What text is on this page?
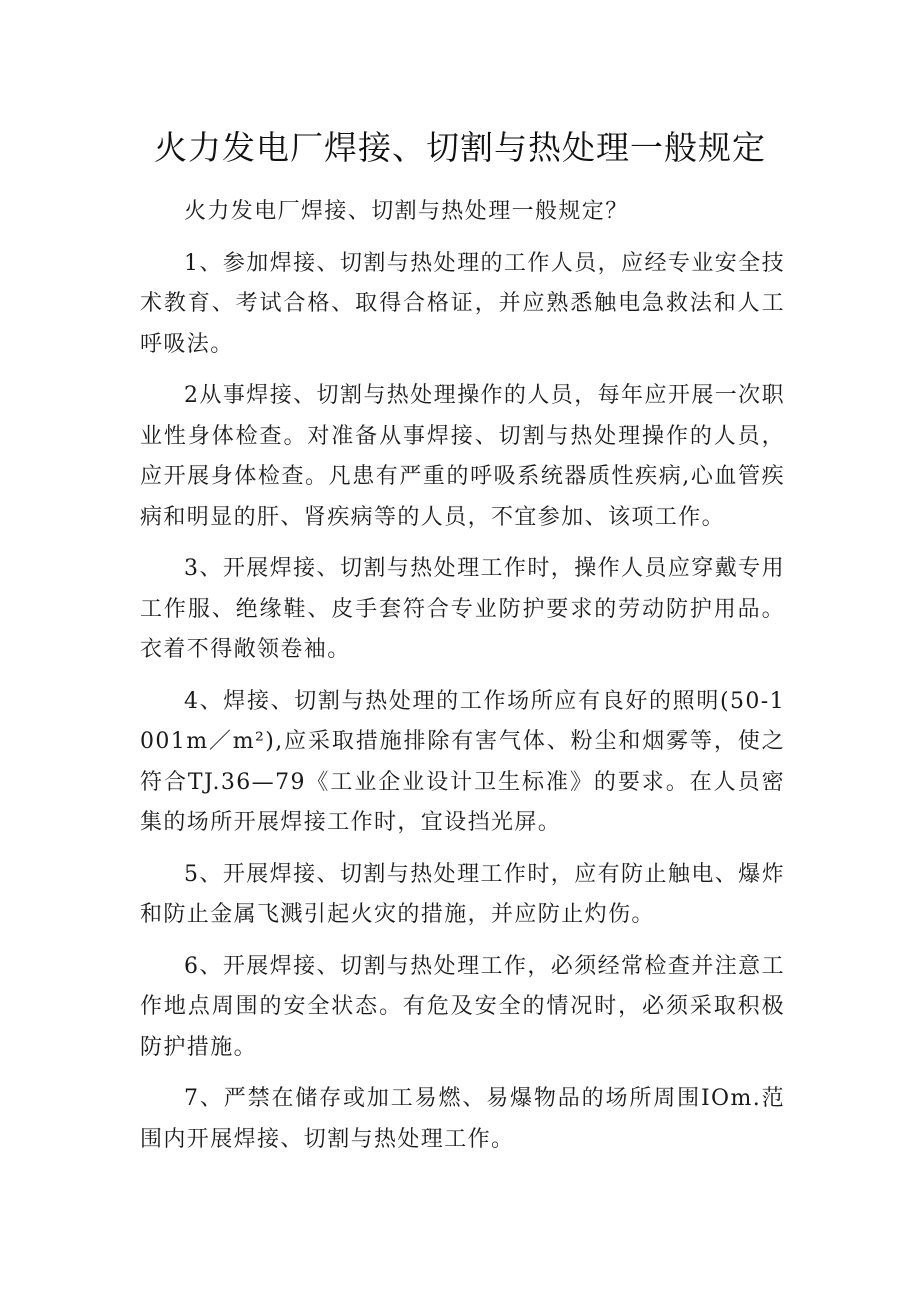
火力发电厂焊接、切割与热处理一般规定

火力发电厂焊接、切割与热处理一般规定？

1、参加焊接、切割与热处理的工作人员，应经专业安全技术教育、考试合格、取得合格证，并应熟悉触电急救法和人工呼吸法。

2从事焊接、切割与热处理操作的人员，每年应开展一次职业性身体检查。对准备从事焊接、切割与热处理操作的人员，应开展身体检查。凡患有严重的呼吸系统器质性疾病,心血管疾病和明显的肝、肾疾病等的人员，不宜参加、该项工作。

3、开展焊接、切割与热处理工作时，操作人员应穿戴专用工作服、绝缘鞋、皮手套符合专业防护要求的劳动防护用品。衣着不得敞领卷袖。

4、焊接、切割与热处理的工作场所应有良好的照明(50-1001m／m²),应采取措施排除有害气体、粉尘和烟雾等，使之符合TJ.36—79《工业企业设计卫生标准》的要求。在人员密集的场所开展焊接工作时，宜设挡光屏。

5、开展焊接、切割与热处理工作时，应有防止触电、爆炸和防止金属飞溅引起火灾的措施，并应防止灼伤。

6、开展焊接、切割与热处理工作，必须经常检查并注意工作地点周围的安全状态。有危及安全的情况时，必须采取积极防护措施。

7、严禁在储存或加工易燃、易爆物品的场所周围IOm.范围内开展焊接、切割与热处理工作。
